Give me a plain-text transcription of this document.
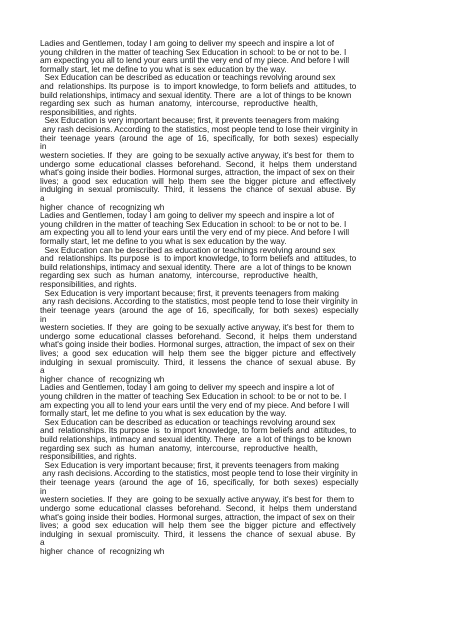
Ladies and Gentlemen, today I am going to deliver my speech and inspire a lot of
young children in the matter of teaching Sex Education in school: to be or not to be. I
am expecting you all to lend your ears until the very end of my piece. And before I will
formally start, let me define to you what is sex education by the way.
Sex Education can be described as education or teachings revolving around sex
and  relationships. Its purpose  is  to import knowledge, to form beliefs and  attitudes, to
build relationships, intimacy and sexual identity. There  are  a lot of things to be known
regarding sex  such  as  human  anatomy,  intercourse,  reproductive  health,
responsibilities, and rights.
Sex Education is very important because; first, it prevents teenagers from making
any rash decisions. According to the statistics, most people tend to lose their virginity in
their  teenage  years  (around  the  age  of  16,  specifically,  for  both  sexes)  especially
in
western societies. If  they  are  going to be sexually active anyway, it's best for  them to
undergo  some  educational  classes  beforehand.  Second,  it  helps  them  understand
what's going inside their bodies. Hormonal surges, attraction, the impact of sex on their
lives;  a  good  sex  education  will  help  them  see  the  bigger  picture  and  effectively
indulging  in  sexual  promiscuity.  Third,  it  lessens  the  chance  of  sexual  abuse.  By
a
higher  chance  of  recognizing wh
Ladies and Gentlemen, today I am going to deliver my speech and inspire a lot of
young children in the matter of teaching Sex Education in school: to be or not to be. I
am expecting you all to lend your ears until the very end of my piece. And before I will
formally start, let me define to you what is sex education by the way.
Sex Education can be described as education or teachings revolving around sex
and  relationships. Its purpose  is  to import knowledge, to form beliefs and  attitudes, to
build relationships, intimacy and sexual identity. There  are  a lot of things to be known
regarding sex  such  as  human  anatomy,  intercourse,  reproductive  health,
responsibilities, and rights.
Sex Education is very important because; first, it prevents teenagers from making
any rash decisions. According to the statistics, most people tend to lose their virginity in
their  teenage  years  (around  the  age  of  16,  specifically,  for  both  sexes)  especially
in
western societies. If  they  are  going to be sexually active anyway, it's best for  them to
undergo  some  educational  classes  beforehand.  Second,  it  helps  them  understand
what's going inside their bodies. Hormonal surges, attraction, the impact of sex on their
lives;  a  good  sex  education  will  help  them  see  the  bigger  picture  and  effectively
indulging  in  sexual  promiscuity.  Third,  it  lessens  the  chance  of  sexual  abuse.  By
a
higher  chance  of  recognizing wh
Ladies and Gentlemen, today I am going to deliver my speech and inspire a lot of
young children in the matter of teaching Sex Education in school: to be or not to be. I
am expecting you all to lend your ears until the very end of my piece. And before I will
formally start, let me define to you what is sex education by the way.
Sex Education can be described as education or teachings revolving around sex
and  relationships. Its purpose  is  to import knowledge, to form beliefs and  attitudes, to
build relationships, intimacy and sexual identity. There  are  a lot of things to be known
regarding sex  such  as  human  anatomy,  intercourse,  reproductive  health,
responsibilities, and rights.
Sex Education is very important because; first, it prevents teenagers from making
any rash decisions. According to the statistics, most people tend to lose their virginity in
their  teenage  years  (around  the  age  of  16,  specifically,  for  both  sexes)  especially
in
western societies. If  they  are  going to be sexually active anyway, it's best for  them to
undergo  some  educational  classes  beforehand.  Second,  it  helps  them  understand
what's going inside their bodies. Hormonal surges, attraction, the impact of sex on their
lives;  a  good  sex  education  will  help  them  see  the  bigger  picture  and  effectively
indulging  in  sexual  promiscuity.  Third,  it  lessens  the  chance  of  sexual  abuse.  By
a
higher  chance  of  recognizing wh
